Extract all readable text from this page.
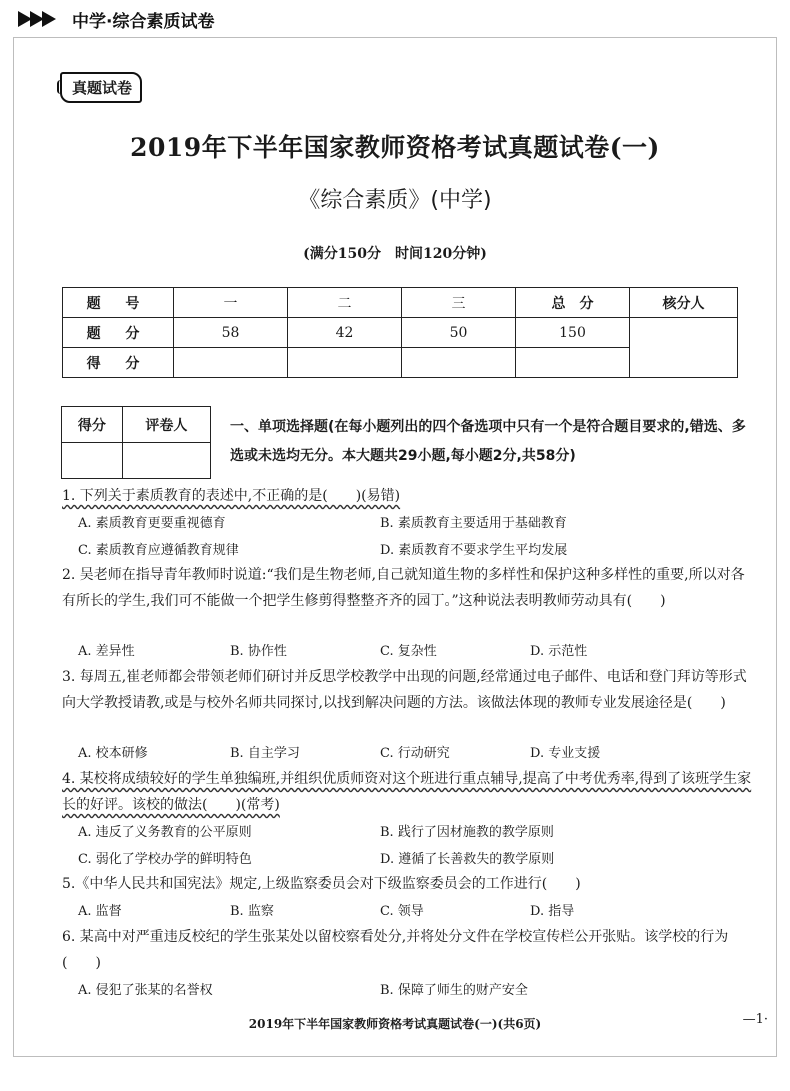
中学·综合素质试卷
真题试卷
2019年下半年国家教师资格考试真题试卷(一)
《综合素质》(中学)
(满分150分　时间120分钟)
题 号	一	二	三	总　分	核分人
题 分	58	42	50	150	
得 分					
得分	评卷人
		一、单项选择题(在每小题列出的四个备选项中只有一个是符合题目要求的,错选、多选或未选均无分。本大题共29小题,每小题2分,共58分)
1. 下列关于素质教育的表述中,不正确的是(　　)(易错)
A. 素质教育更要重视德育	B. 素质教育主要适用于基础教育
C. 素质教育应遵循教育规律	D. 素质教育不要求学生平均发展
2. 吴老师在指导青年教师时说道:“我们是生物老师,自己就知道生物的多样性和保护这种多样性的重要,所以对各有所长的学生,我们可不能做一个把学生修剪得整整齐齐的园丁。”这种说法表明教师劳动具有(　　)
A. 差异性	B. 协作性	C. 复杂性	D. 示范性
3. 每周五,崔老师都会带领老师们研讨并反思学校教学中出现的问题,经常通过电子邮件、电话和登门拜访等形式向大学教授请教,或是与校外名师共同探讨,以找到解决问题的方法。该做法体现的教师专业发展途径是(　　)
A. 校本研修	B. 自主学习	C. 行动研究	D. 专业支援
4. 某校将成绩较好的学生单独编班,并组织优质师资对这个班进行重点辅导,提高了中考优秀率,得到了该班学生家长的好评。该校的做法(　　)(常考)
A. 违反了义务教育的公平原则	B. 践行了因材施教的教学原则
C. 弱化了学校办学的鲜明特色	D. 遵循了长善救失的教学原则
5.《中华人民共和国宪法》规定,上级监察委员会对下级监察委员会的工作进行(　　)
A. 监督	B. 监察	C. 领导	D. 指导
6. 某高中对严重违反校纪的学生张某处以留校察看处分,并将处分文件在学校宣传栏公开张贴。该学校的行为(　　)
A. 侵犯了张某的名誉权	B. 保障了师生的财产安全
2019年下半年国家教师资格考试真题试卷(一)(共6页)	—1·
